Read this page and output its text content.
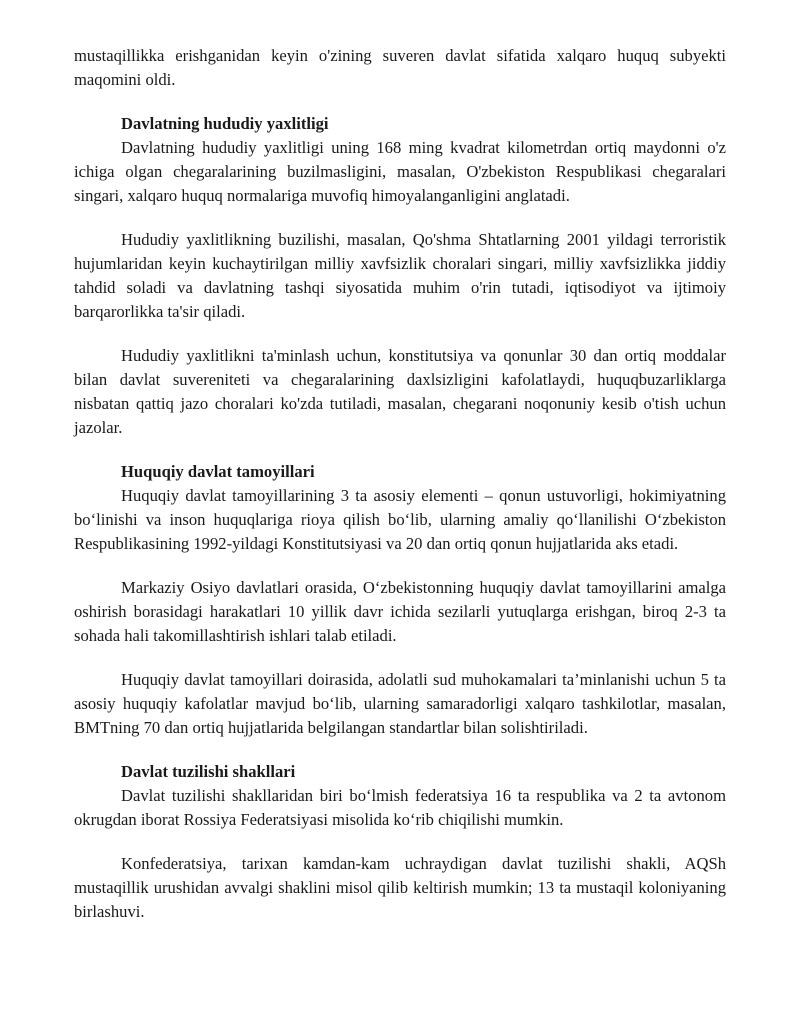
mustaqillikka erishganidan keyin o'zining suveren davlat sifatida xalqaro huquq subyekti maqomini oldi.

Davlatning hududiy yaxlitligi

Davlatning hududiy yaxlitligi uning 168 ming kvadrat kilometrdan ortiq maydonni o'z ichiga olgan chegaralarining buzilmasligini, masalan, O'zbekiston Respublikasi chegaralari singari, xalqaro huquq normalariga muvofiq himoyalanganligini anglatadi.

Hududiy yaxlitlikning buzilishi, masalan, Qo'shma Shtatlarning 2001 yildagi terroristik hujumlaridan keyin kuchaytirilgan milliy xavfsizlik choralari singari, milliy xavfsizlikka jiddiy tahdid soladi va davlatning tashqi siyosatida muhim o'rin tutadi, iqtisodiyot va ijtimoiy barqarorlikka ta'sir qiladi.

Hududiy yaxlitlikni ta'minlash uchun, konstitutsiya va qonunlar 30 dan ortiq moddalar bilan davlat suvereniteti va chegaralarining daxlsizligini kafolatlaydi, huquqbuzarliklarga nisbatan qattiq jazo choralari ko'zda tutiladi, masalan, chegarani noqonuniy kesib o'tish uchun jazolar.

Huquqiy davlat tamoyillari

Huquqiy davlat tamoyillarining 3 ta asosiy elementi – qonun ustuvorligi, hokimiyatning bo‘linishi va inson huquqlariga rioya qilish bo‘lib, ularning amaliy qo‘llanilishi O‘zbekiston Respublikasining 1992-yildagi Konstitutsiyasi va 20 dan ortiq qonun hujjatlarida aks etadi.

Markaziy Osiyo davlatlari orasida, O‘zbekistonning huquqiy davlat tamoyillarini amalga oshirish borasidagi harakatlari 10 yillik davr ichida sezilarli yutuqlarga erishgan, biroq 2-3 ta sohada hali takomillashtirish ishlari talab etiladi.

Huquqiy davlat tamoyillari doirasida, adolatli sud muhokamalari ta’minlanishi uchun 5 ta asosiy huquqiy kafolatlar mavjud bo‘lib, ularning samaradorligi xalqaro tashkilotlar, masalan, BMTning 70 dan ortiq hujjatlarida belgilangan standartlar bilan solishtiriladi.

Davlat tuzilishi shakllari

Davlat tuzilishi shakllaridan biri bo‘lmish federatsiya 16 ta respublika va 2 ta avtonom okrugdan iborat Rossiya Federatsiyasi misolida ko‘rib chiqilishi mumkin.

Konfederatsiya, tarixan kamdan-kam uchraydigan davlat tuzilishi shakli, AQSh mustaqillik urushidan avvalgi shaklini misol qilib keltirish mumkin; 13 ta mustaqil koloniyaning birlashuvi.
